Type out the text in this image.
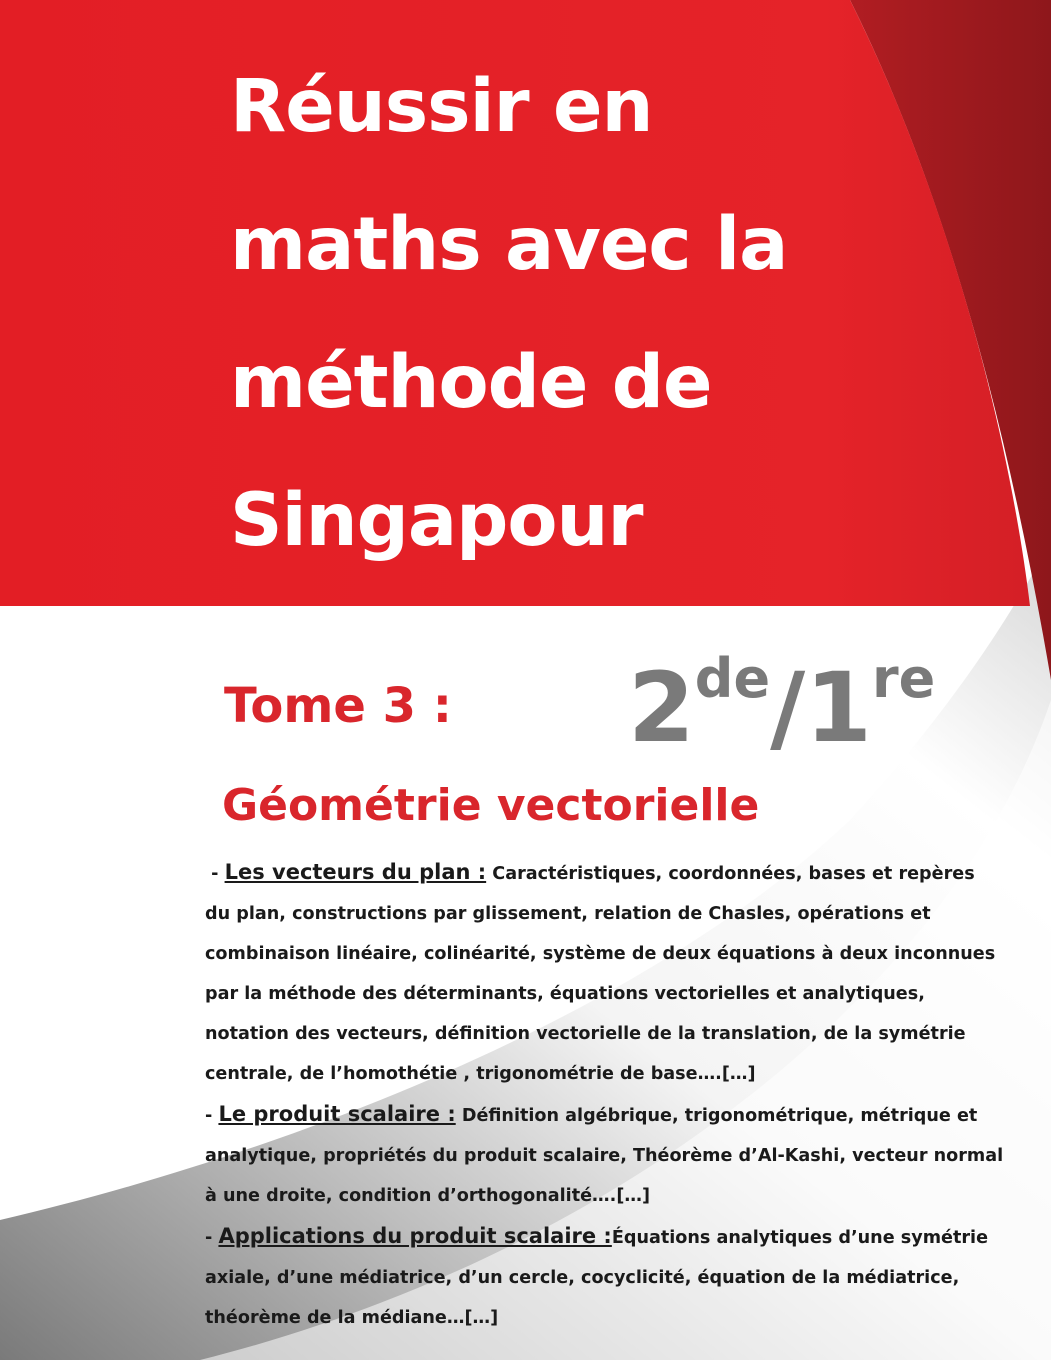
Réussir en
maths avec la
méthode de
Singapour
Tome 3 : 2de/1re
Géométrie vectorielle

- Les vecteurs du plan : Caractéristiques, coordonnées, bases et repères du plan, constructions par glissement, relation de Chasles, opérations et combinaison linéaire, colinéarité, système de deux équations à deux inconnues par la méthode des déterminants, équations vectorielles et analytiques, notation des vecteurs, définition vectorielle de la translation, de la symétrie centrale, de l’homothétie , trigonométrie de base….[…]

- Le produit scalaire : Définition algébrique, trigonométrique, métrique et analytique, propriétés du produit scalaire, Théorème d’Al-Kashi, vecteur normal à une droite, condition d’orthogonalité….[…]

- Applications du produit scalaire :Équations analytiques d’une symétrie axiale, d’une médiatrice, d’un cercle, cocyclicité, équation de la médiatrice, théorème de la médiane…[…]
